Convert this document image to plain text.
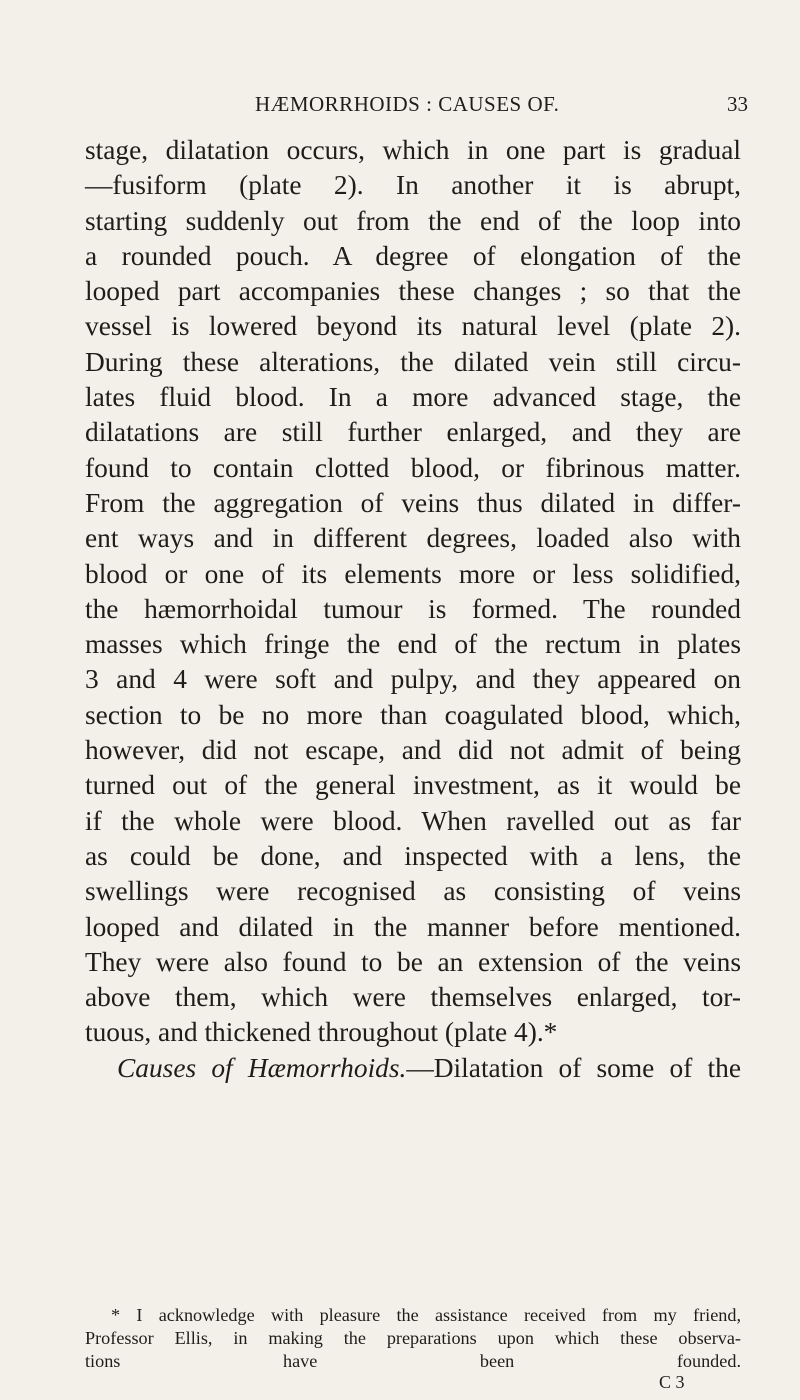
HÆMORRHOIDS : CAUSES OF.	33
stage, dilatation occurs, which in one part is gradual
—fusiform (plate 2). In another it is abrupt,
starting suddenly out from the end of the loop into
a rounded pouch. A degree of elongation of the
looped part accompanies these changes ; so that the
vessel is lowered beyond its natural level (plate 2).
During these alterations, the dilated vein still circu-
lates fluid blood. In a more advanced stage, the
dilatations are still further enlarged, and they are
found to contain clotted blood, or fibrinous matter.
From the aggregation of veins thus dilated in differ-
ent ways and in different degrees, loaded also with
blood or one of its elements more or less solidified,
the hæmorrhoidal tumour is formed. The rounded
masses which fringe the end of the rectum in plates
3 and 4 were soft and pulpy, and they appeared on
section to be no more than coagulated blood, which,
however, did not escape, and did not admit of being
turned out of the general investment, as it would be
if the whole were blood. When ravelled out as far
as could be done, and inspected with a lens, the
swellings were recognised as consisting of veins
looped and dilated in the manner before mentioned.
They were also found to be an extension of the veins
above them, which were themselves enlarged, tor-
tuous, and thickened throughout (plate 4).*
Causes of Hæmorrhoids.—Dilatation of some of the
* I acknowledge with pleasure the assistance received from my friend,
Professor Ellis, in making the preparations upon which these observa-
tions have been founded.
C 3
